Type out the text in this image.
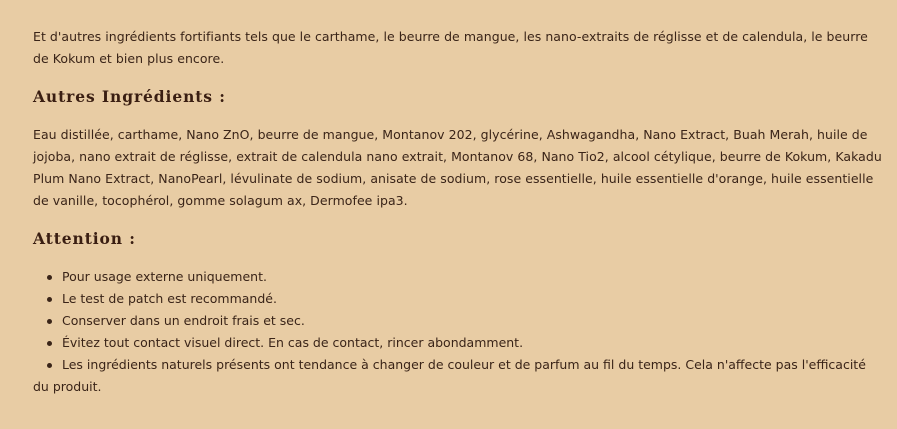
Et d'autres ingrédients fortifiants tels que le carthame, le beurre de mangue, les nano-extraits de réglisse et de calendula, le beurre de Kokum et bien plus encore.

Autres Ingrédients :

Eau distillée, carthame, Nano ZnO, beurre de mangue, Montanov 202, glycérine, Ashwagandha, Nano Extract, Buah Merah, huile de jojoba, nano extrait de réglisse, extrait de calendula nano extrait, Montanov 68, Nano Tio2, alcool cétylique, beurre de Kokum, Kakadu Plum Nano Extract, NanoPearl, lévulinate de sodium, anisate de sodium, rose essentielle, huile essentielle d'orange, huile essentielle de vanille, tocophérol, gomme solagum ax, Dermofee ipa3.

Attention :
Pour usage externe uniquement.
Le test de patch est recommandé.
Conserver dans un endroit frais et sec.
Évitez tout contact visuel direct. En cas de contact, rincer abondamment.
Les ingrédients naturels présents ont tendance à changer de couleur et de parfum au fil du temps. Cela n'affecte pas l'efficacité du produit.
